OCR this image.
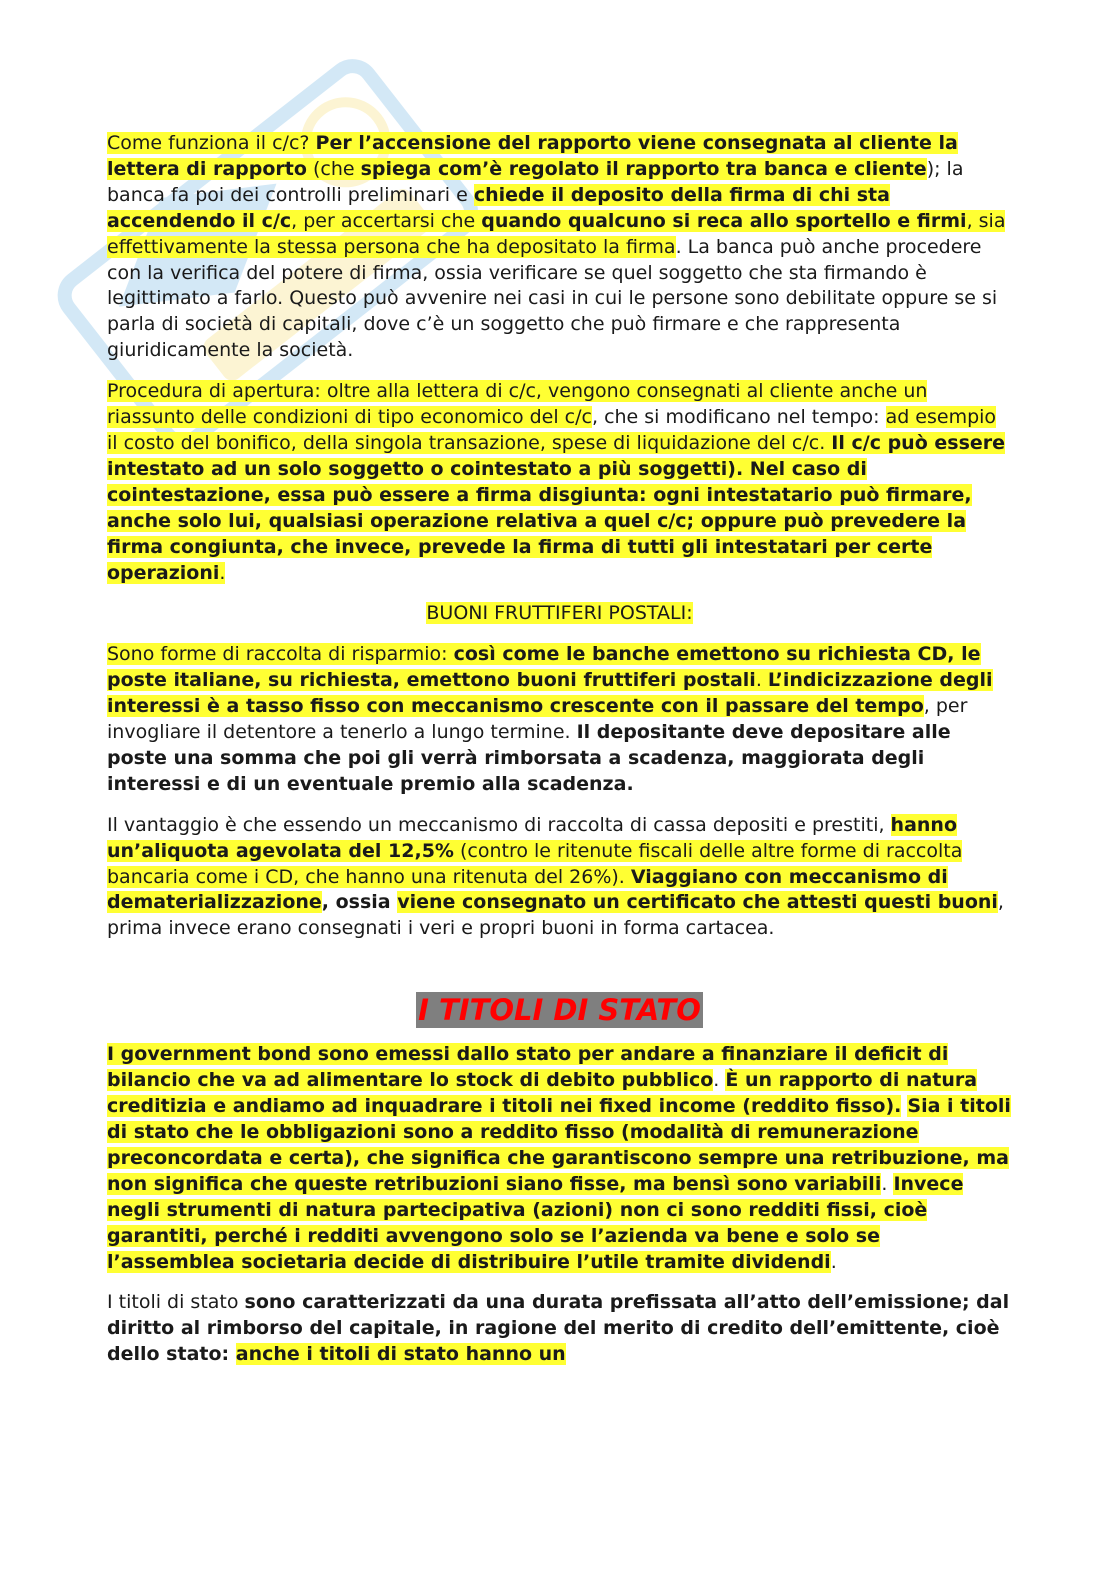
Come funziona il c/c? Per l’accensione del rapporto viene consegnata al cliente la lettera di rapporto (che spiega com’è regolato il rapporto tra banca e cliente); la banca fa poi dei controlli preliminari e chiede il deposito della firma di chi sta accendendo il c/c, per accertarsi che quando qualcuno si reca allo sportello e firmi, sia effettivamente la stessa persona che ha depositato la firma. La banca può anche procedere con la verifica del potere di firma, ossia verificare se quel soggetto che sta firmando è legittimato a farlo. Questo può avvenire nei casi in cui le persone sono debilitate oppure se si parla di società di capitali, dove c’è un soggetto che può firmare e che rappresenta giuridicamente la società.

Procedura di apertura: oltre alla lettera di c/c, vengono consegnati al cliente anche un riassunto delle condizioni di tipo economico del c/c, che si modificano nel tempo: ad esempio il costo del bonifico, della singola transazione, spese di liquidazione del c/c. Il c/c può essere intestato ad un solo soggetto o cointestato a più soggetti). Nel caso di cointestazione, essa può essere a firma disgiunta: ogni intestatario può firmare, anche solo lui, qualsiasi operazione relativa a quel c/c; oppure può prevedere la firma congiunta, che invece, prevede la firma di tutti gli intestatari per certe operazioni.

BUONI FRUTTIFERI POSTALI:

Sono forme di raccolta di risparmio: così come le banche emettono su richiesta CD, le poste italiane, su richiesta, emettono buoni fruttiferi postali. L’indicizzazione degli interessi è a tasso fisso con meccanismo crescente con il passare del tempo, per invogliare il detentore a tenerlo a lungo termine. Il depositante deve depositare alle poste una somma che poi gli verrà rimborsata a scadenza, maggiorata degli interessi e di un eventuale premio alla scadenza.

Il vantaggio è che essendo un meccanismo di raccolta di cassa depositi e prestiti, hanno un’aliquota agevolata del 12,5% (contro le ritenute fiscali delle altre forme di raccolta bancaria come i CD, che hanno una ritenuta del 26%). Viaggiano con meccanismo di dematerializzazione, ossia viene consegnato un certificato che attesti questi buoni, prima invece erano consegnati i veri e propri buoni in forma cartacea.

I TITOLI DI STATO

I government bond sono emessi dallo stato per andare a finanziare il deficit di bilancio che va ad alimentare lo stock di debito pubblico. È un rapporto di natura creditizia e andiamo ad inquadrare i titoli nei fixed income (reddito fisso). Sia i titoli di stato che le obbligazioni sono a reddito fisso (modalità di remunerazione preconcordata e certa), che significa che garantiscono sempre una retribuzione, ma non significa che queste retribuzioni siano fisse, ma bensì sono variabili. Invece negli strumenti di natura partecipativa (azioni) non ci sono redditi fissi, cioè garantiti, perché i redditi avvengono solo se l’azienda va bene e solo se l’assemblea societaria decide di distribuire l’utile tramite dividendi.

I titoli di stato sono caratterizzati da una durata prefissata all’atto dell’emissione; dal diritto al rimborso del capitale, in ragione del merito di credito dell’emittente, cioè dello stato: anche i titoli di stato hanno un
